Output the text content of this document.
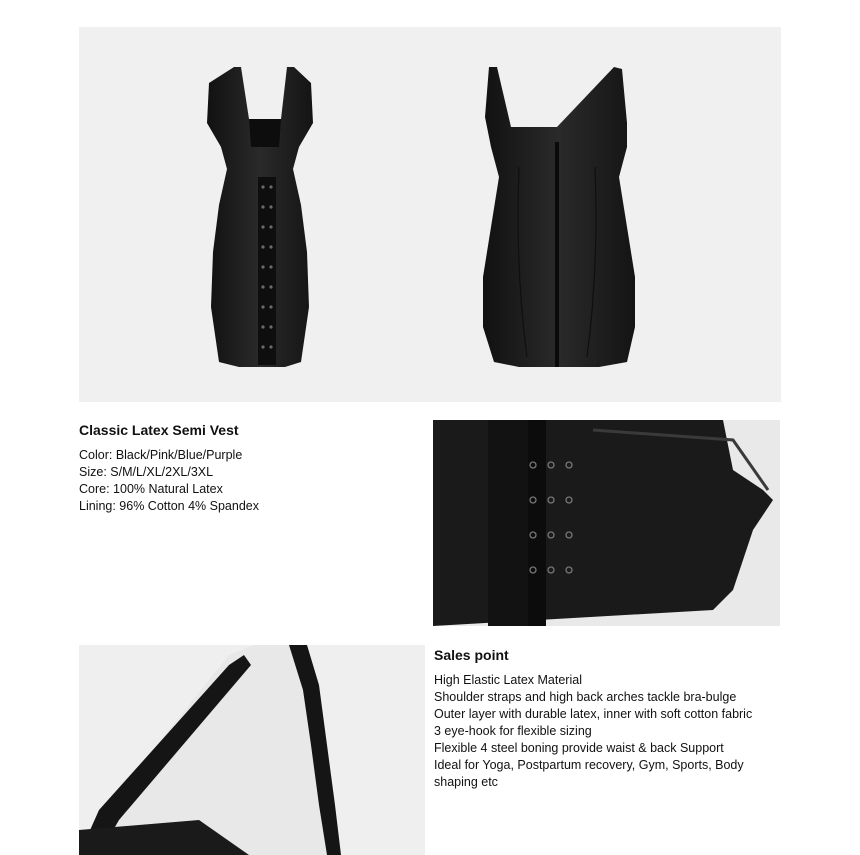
Classic Latex Semi Vest
Color: Black/Pink/Blue/Purple
Size: S/M/L/XL/2XL/3XL
Core: 100% Natural Latex
Lining: 96% Cotton 4% Spandex
Sales point
High Elastic Latex Material
Shoulder straps and high back arches tackle bra-bulge
Outer layer with durable latex, inner with soft cotton fabric
3 eye-hook for flexible sizing
Flexible 4 steel boning provide waist & back Support
Ideal for Yoga, Postpartum recovery, Gym, Sports, Body shaping etc
